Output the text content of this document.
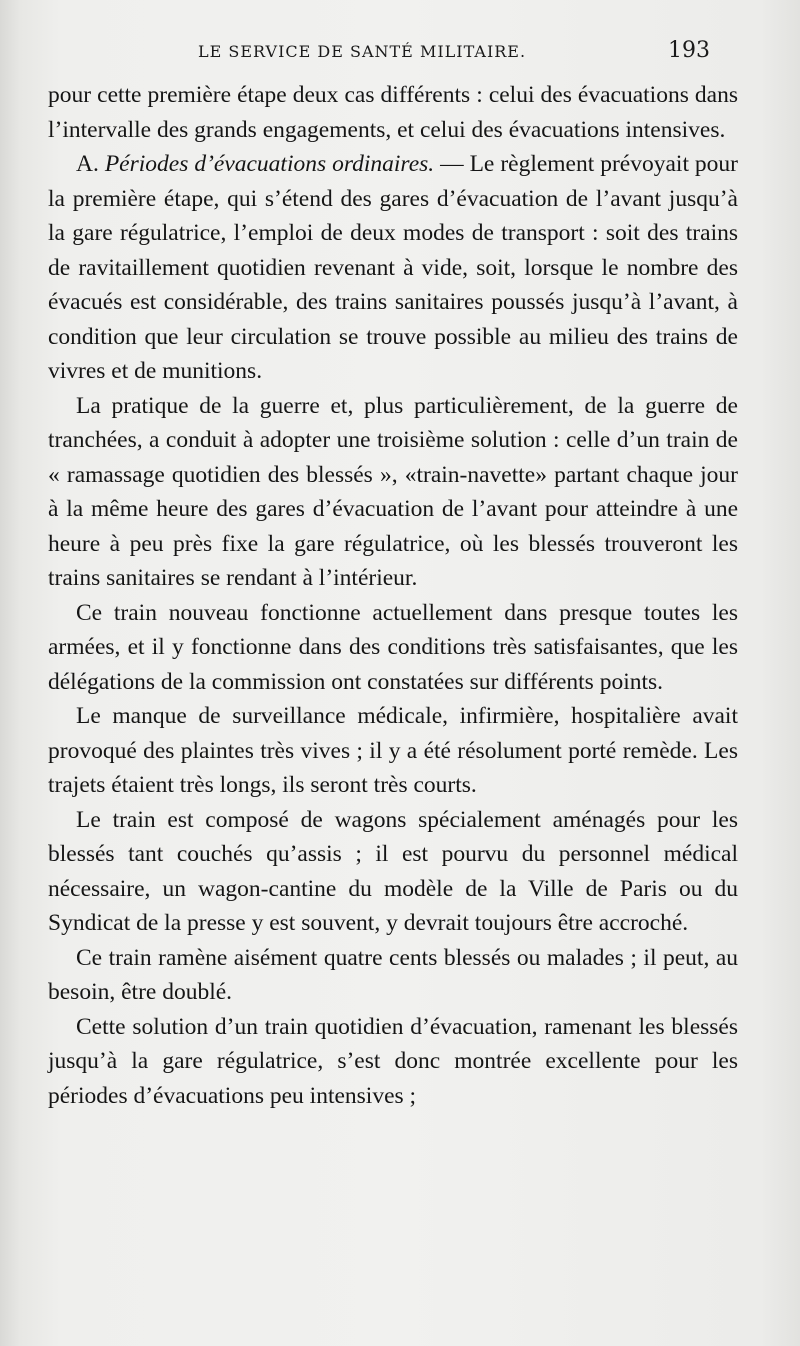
LE SERVICE DE SANTÉ MILITAIRE.	193

pour cette première étape deux cas différents : celui des évacuations dans l’intervalle des grands engagements, et celui des évacuations intensives.

A. Périodes d’évacuations ordinaires. — Le règlement prévoyait pour la première étape, qui s’étend des gares d’évacuation de l’avant jusqu’à la gare régulatrice, l’emploi de deux modes de transport : soit des trains de ravitaillement quotidien revenant à vide, soit, lorsque le nombre des évacués est considérable, des trains sanitaires poussés jusqu’à l’avant, à condition que leur circulation se trouve possible au milieu des trains de vivres et de munitions.

La pratique de la guerre et, plus particulièrement, de la guerre de tranchées, a conduit à adopter une troisième solution : celle d’un train de « ramassage quotidien des blessés », «train-navette» partant chaque jour à la même heure des gares d’évacuation de l’avant pour atteindre à une heure à peu près fixe la gare régulatrice, où les blessés trouveront les trains sanitaires se rendant à l’intérieur.

Ce train nouveau fonctionne actuellement dans presque toutes les armées, et il y fonctionne dans des conditions très satisfaisantes, que les délégations de la commission ont constatées sur différents points.

Le manque de surveillance médicale, infirmière, hospitalière avait provoqué des plaintes très vives ; il y a été résolument porté remède. Les trajets étaient très longs, ils seront très courts.

Le train est composé de wagons spécialement aménagés pour les blessés tant couchés qu’assis ; il est pourvu du personnel médical nécessaire, un wagon-cantine du modèle de la Ville de Paris ou du Syndicat de la presse y est souvent, y devrait toujours être accroché.

Ce train ramène aisément quatre cents blessés ou malades ; il peut, au besoin, être doublé.

Cette solution d’un train quotidien d’évacuation, ramenant les blessés jusqu’à la gare régulatrice, s’est donc montrée excellente pour les périodes d’évacuations peu intensives ;
